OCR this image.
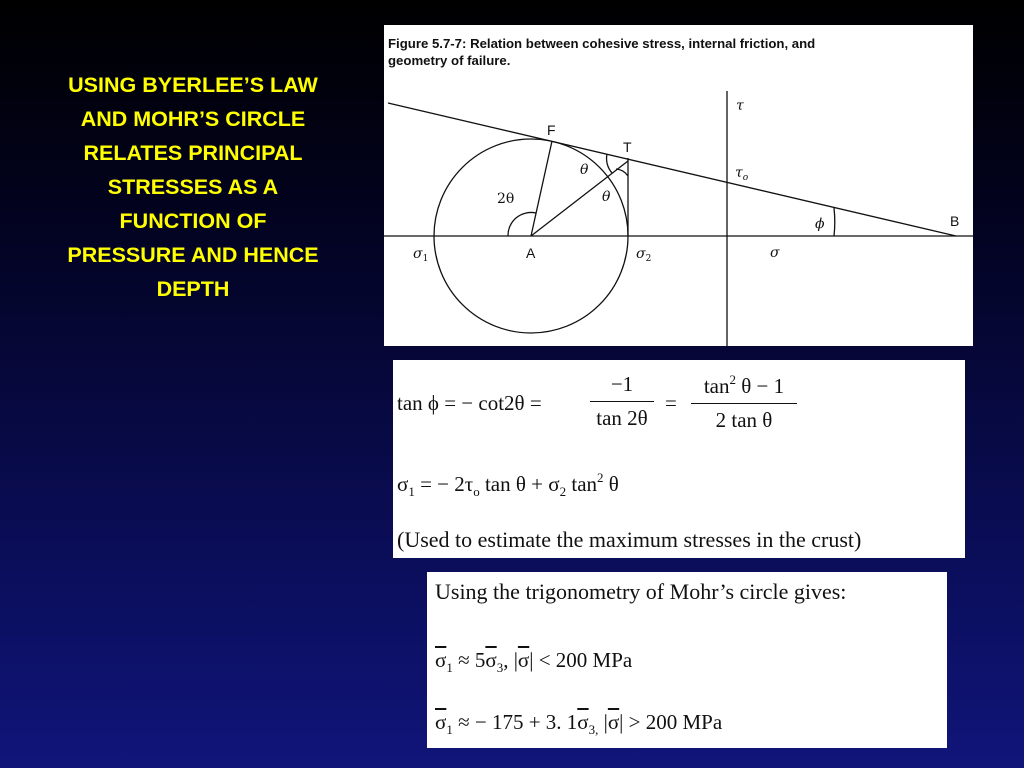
USING BYERLEE’S LAW AND MOHR’S CIRCLE RELATES PRINCIPAL STRESSES AS A FUNCTION OF PRESSURE AND HENCE DEPTH
Figure 5.7-7: Relation between cohesive stress, internal friction, and
geometry of failure.
F
T
A
B
τ
$\tau_o$
σ
$\sigma_1$	$\sigma_2$
θ
θ
2θ
ϕ
tan ϕ = − $\cot 2\theta = \frac{-1}{\tan 2\theta} = \frac{\tan^2 \theta - 1}{\text{2 tan θ}}$
$\sigma_1$ = − $2\tau_o$ $\tan \theta + \sigma_2$ $\tan^2 \theta$
(Used to estimate the maximum stresses in the crust)
Using the trigonometry of Mohr’s circle gives:
$\overline{\sigma}_1 \approx 5\overline{\sigma}_3$, $|\overline{\sigma}| < 200$ MPa
$\overline{\sigma}_1$ ≈ − 175 + 3. $1\overline{\sigma}_{3,}$ $|\overline{\sigma}| > 200$ MPa
